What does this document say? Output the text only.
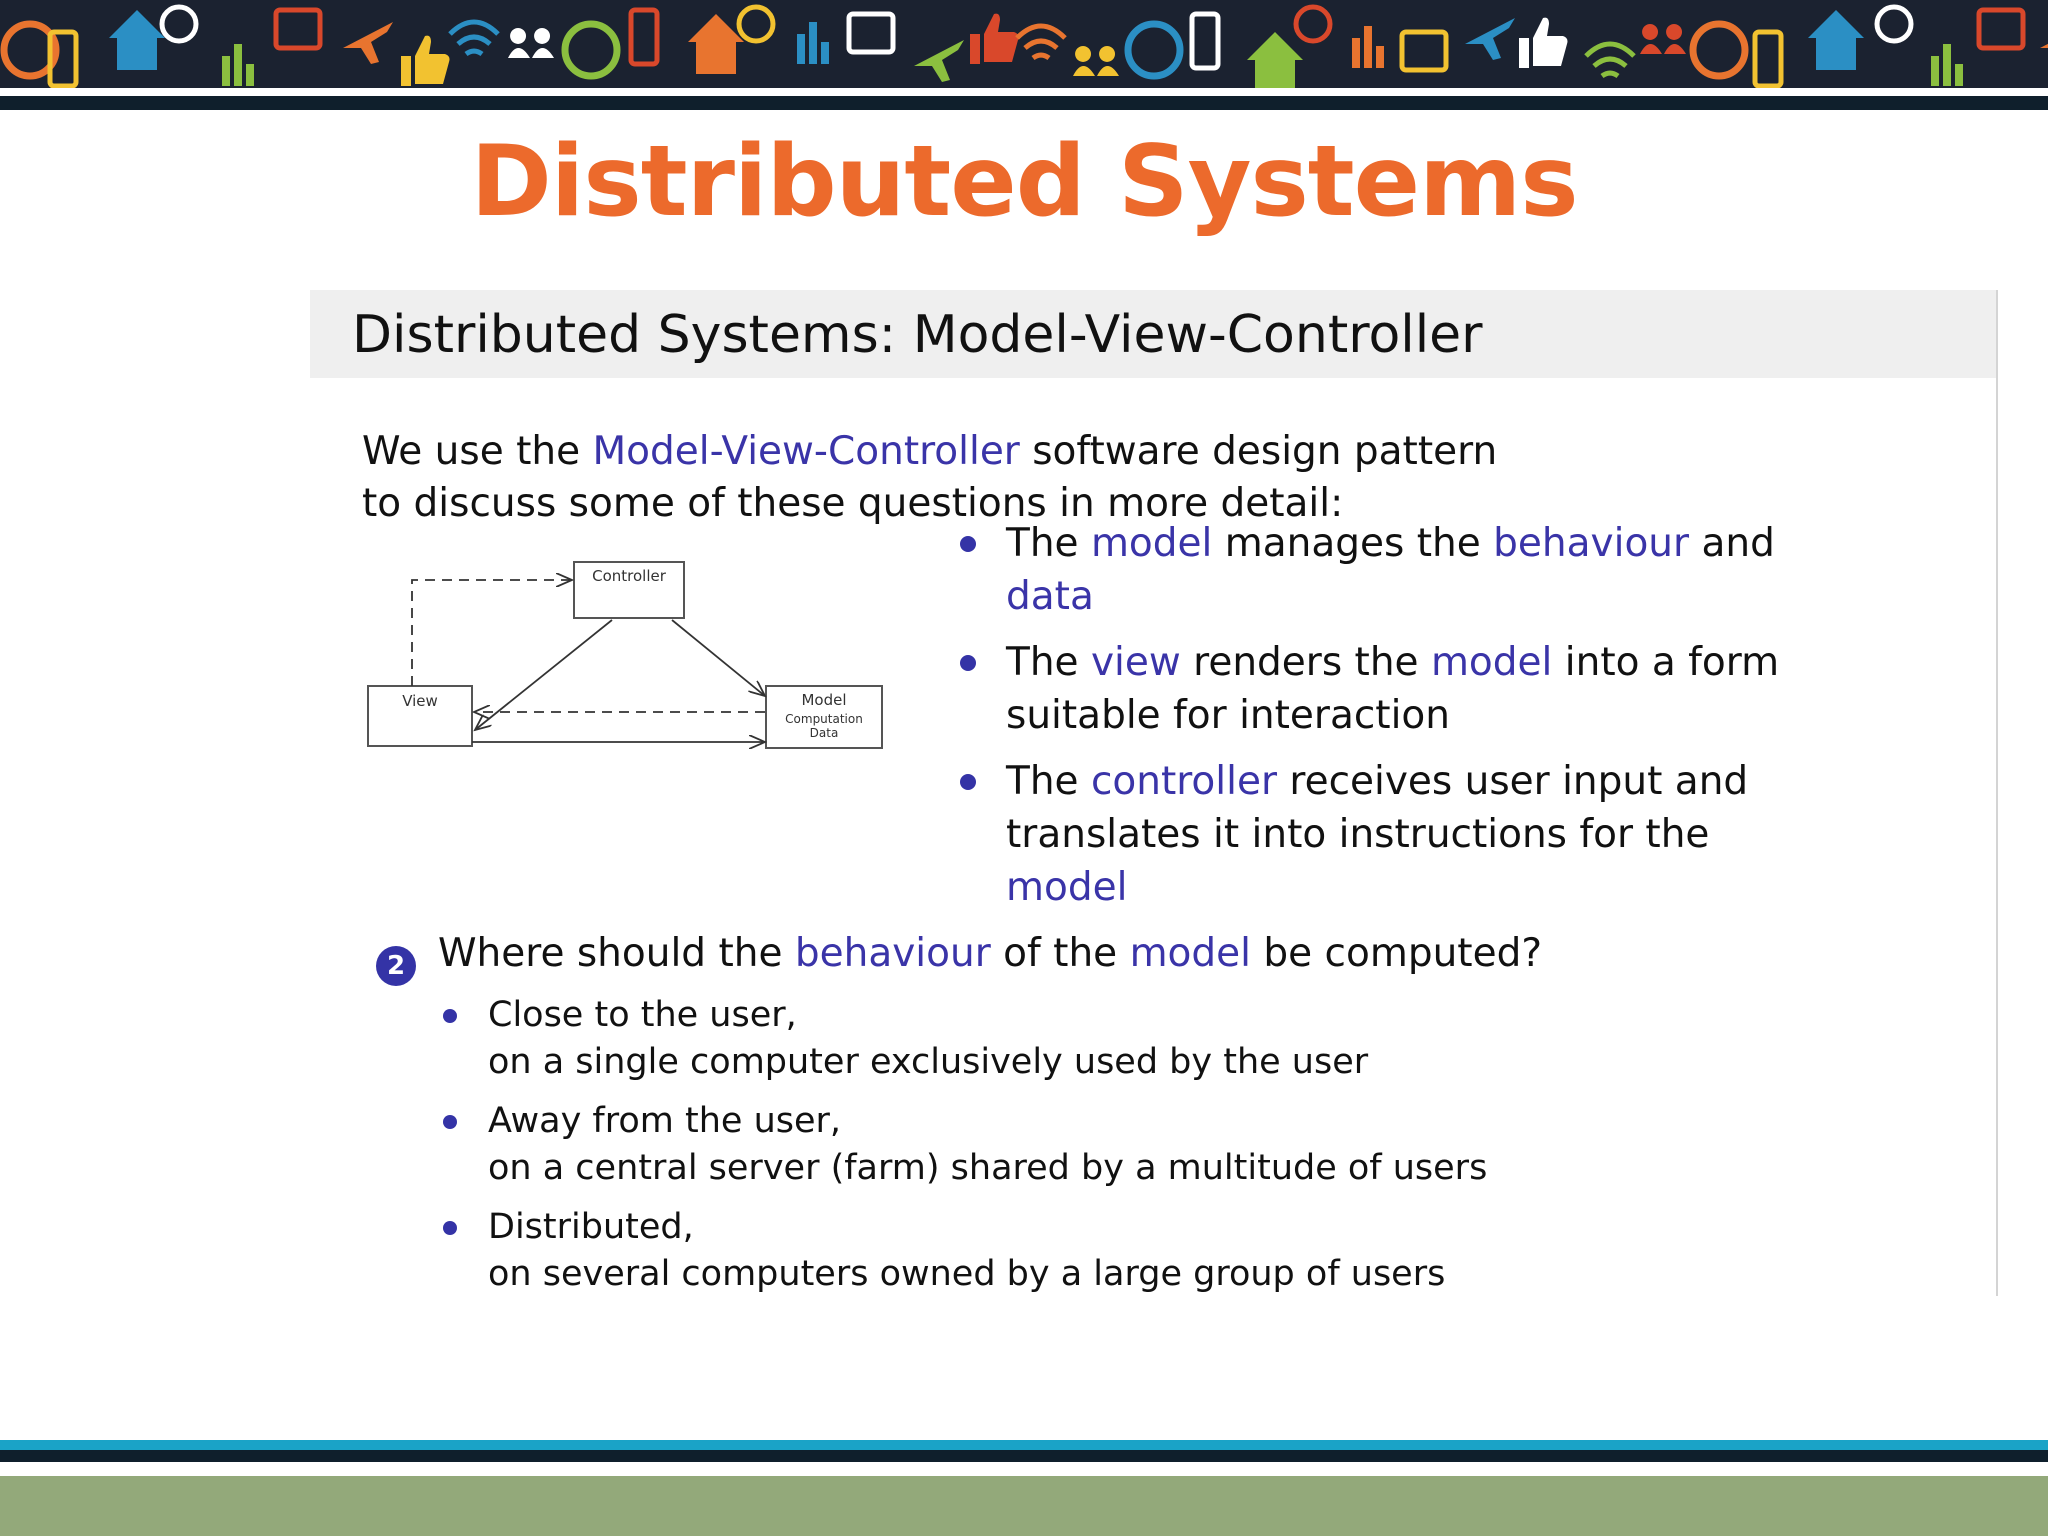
Distributed Systems
Distributed Systems: Model-View-Controller
We use the Model-View-Controller software design pattern
to discuss some of these questions in more detail:
Controller
View	Model
Computation
Data
The model manages the behaviour and
data
The view renders the model into a form
suitable for interaction
The controller receives user input and
translates it into instructions for the
model
2 Where should the behaviour of the model be computed?
Close to the user,
on a single computer exclusively used by the user
Away from the user,
on a central server (farm) shared by a multitude of users
Distributed,
on several computers owned by a large group of users
